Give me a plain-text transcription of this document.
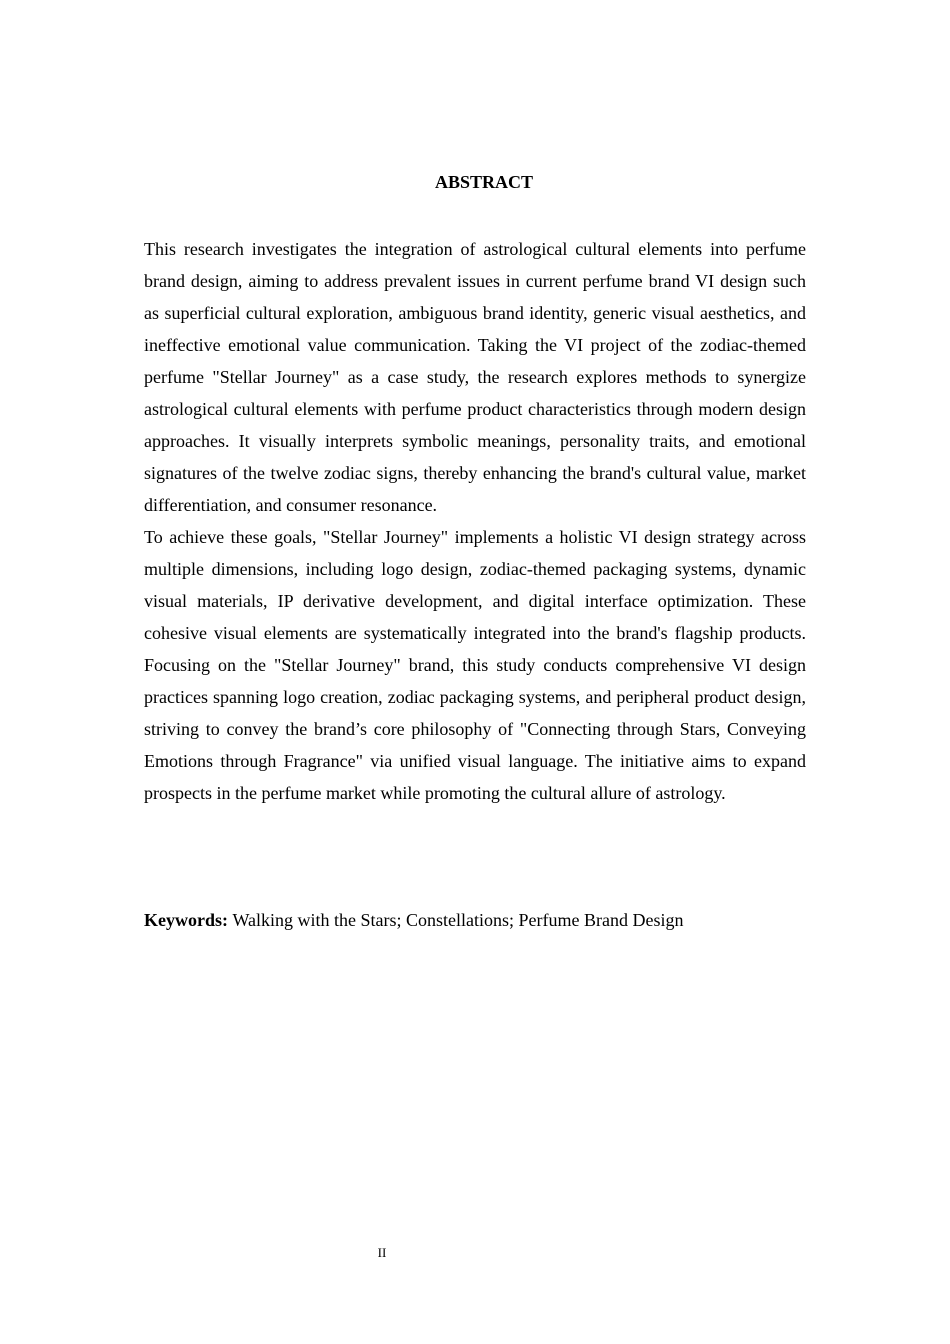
ABSTRACT

This research investigates the integration of astrological cultural elements into perfume brand design, aiming to address prevalent issues in current perfume brand VI design such as superficial cultural exploration, ambiguous brand identity, generic visual aesthetics, and ineffective emotional value communication. Taking the VI project of the zodiac-themed perfume "Stellar Journey" as a case study, the research explores methods to synergize astrological cultural elements with perfume product characteristics through modern design approaches. It visually interprets symbolic meanings, personality traits, and emotional signatures of the twelve zodiac signs, thereby enhancing the brand's cultural value, market differentiation, and consumer resonance.

To achieve these goals, "Stellar Journey" implements a holistic VI design strategy across multiple dimensions, including logo design, zodiac-themed packaging systems, dynamic visual materials, IP derivative development, and digital interface optimization. These cohesive visual elements are systematically integrated into the brand's flagship products. Focusing on the "Stellar Journey" brand, this study conducts comprehensive VI design practices spanning logo creation, zodiac packaging systems, and peripheral product design, striving to convey the brand’s core philosophy of "Connecting through Stars, Conveying Emotions through Fragrance" via unified visual language. The initiative aims to expand prospects in the perfume market while promoting the cultural allure of astrology.

Keywords: Walking with the Stars; Constellations; Perfume Brand Design

II
